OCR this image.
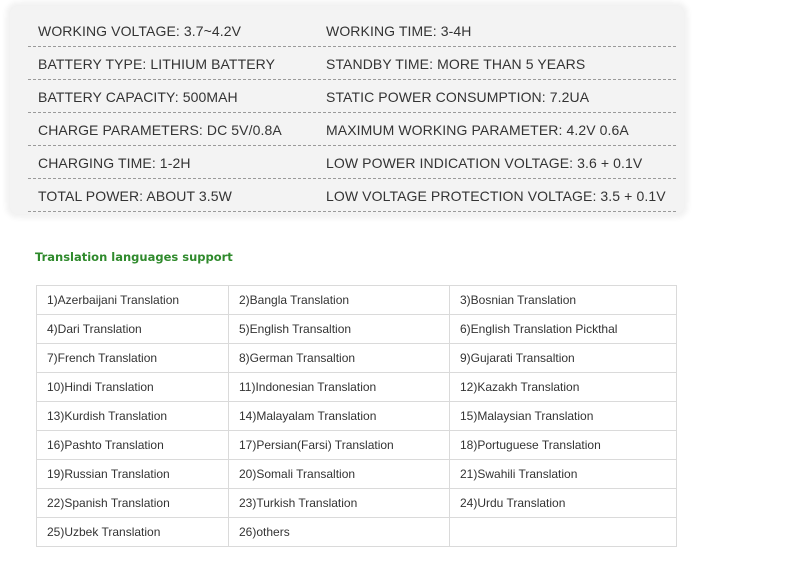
WORKING VOLTAGE: 3.7~4.2V	WORKING TIME: 3-4H
BATTERY TYPE: LITHIUM BATTERY	STANDBY TIME: MORE THAN 5 YEARS
BATTERY CAPACITY: 500MAH	STATIC POWER CONSUMPTION: 7.2UA
CHARGE PARAMETERS: DC 5V/0.8A	MAXIMUM WORKING PARAMETER: 4.2V 0.6A
CHARGING TIME: 1-2H	LOW POWER INDICATION VOLTAGE: 3.6 + 0.1V
TOTAL POWER: ABOUT 3.5W	LOW VOLTAGE PROTECTION VOLTAGE: 3.5 + 0.1V
Translation languages support
1)Azerbaijani Translation	2)Bangla Translation	3)Bosnian Translation
4)Dari Translation	5)English Transaltion	6)English Translation Pickthal
7)French Translation	8)German Transaltion	9)Gujarati Transaltion
10)Hindi Translation	11)Indonesian Translation	12)Kazakh Translation
13)Kurdish Translation	14)Malayalam Translation	15)Malaysian Translation
16)Pashto Translation	17)Persian(Farsi) Translation	18)Portuguese Translation
19)Russian Translation	20)Somali Transaltion	21)Swahili Translation
22)Spanish Translation	23)Turkish Translation	24)Urdu Translation
25)Uzbek Translation	26)others	
